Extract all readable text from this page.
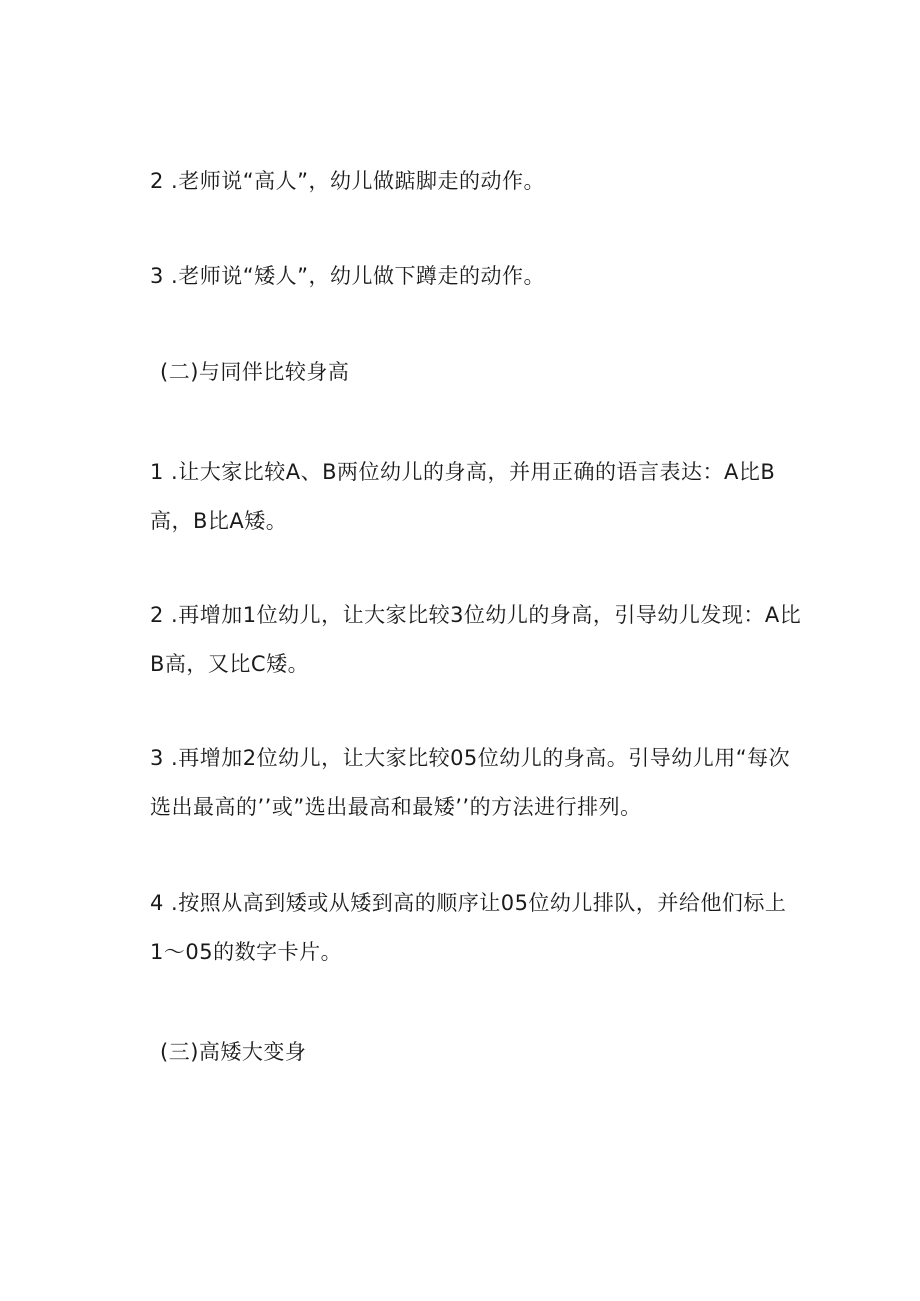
2 .老师说“高人”，幼儿做踮脚走的动作。

3 .老师说“矮人”，幼儿做下蹲走的动作。

(二)与同伴比较身高

1 .让大家比较A、B两位幼儿的身高，并用正确的语言表达：A比B高，B比A矮。

2 .再增加1位幼儿，让大家比较3位幼儿的身高，引导幼儿发现：A比B高，又比C矮。

3 .再增加2位幼儿，让大家比较05位幼儿的身高。引导幼儿用“每次选出最高的’’或”选出最高和最矮’’的方法进行排列。

4 .按照从高到矮或从矮到高的顺序让05位幼儿排队，并给他们标上1〜05的数字卡片。

(三)高矮大变身
